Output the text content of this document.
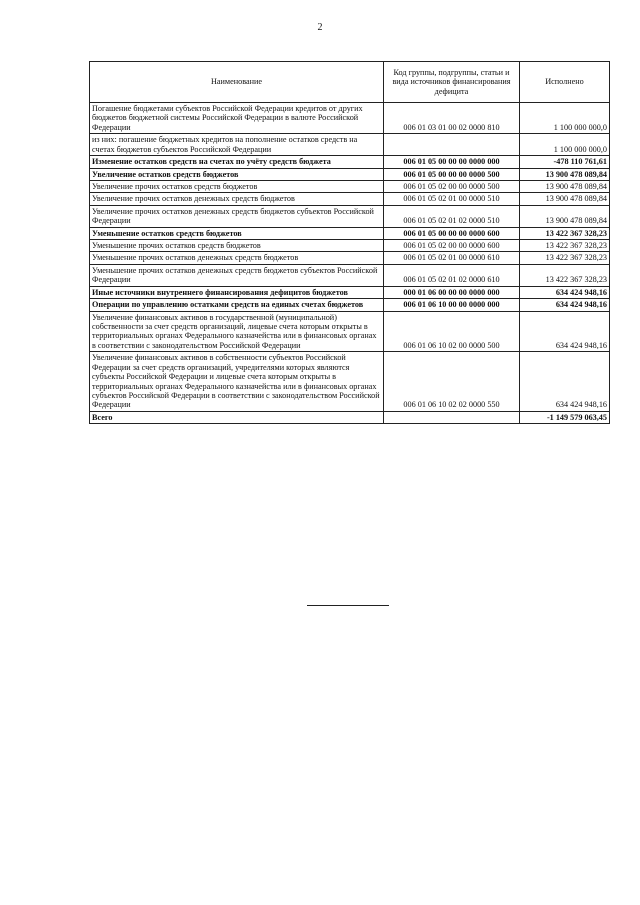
2
Наименование	Код группы, подгруппы, статьи и вида источников финансирования дефицита	Исполнено
Погашение бюджетами субъектов Российской Федерации кредитов от других бюджетов бюджетной системы Российской Федерации в валюте Российской Федерации	006 01 03 01 00 02 0000 810	1 100 000 000,0
из них: погашение бюджетных кредитов на пополнение остатков средств на счетах бюджетов субъектов Российской Федерации		1 100 000 000,0
Изменение остатков средств на счетах по учёту средств бюджета	006 01 05 00 00 00 0000 000	-478 110 761,61
Увеличение остатков средств бюджетов	006 01 05 00 00 00 0000 500	13 900 478 089,84
Увеличение прочих остатков средств бюджетов	006 01 05 02 00 00 0000 500	13 900 478 089,84
Увеличение прочих остатков денежных средств бюджетов	006 01 05 02 01 00 0000 510	13 900 478 089,84
Увеличение прочих остатков денежных средств бюджетов субъектов Российской Федерации	006 01 05 02 01 02 0000 510	13 900 478 089,84
Уменьшение остатков средств бюджетов	006 01 05 00 00 00 0000 600	13 422 367 328,23
Уменьшение прочих остатков средств бюджетов	006 01 05 02 00 00 0000 600	13 422 367 328,23
Уменьшение прочих остатков денежных средств бюджетов	006 01 05 02 01 00 0000 610	13 422 367 328,23
Уменьшение прочих остатков денежных средств бюджетов субъектов Российской Федерации	006 01 05 02 01 02 0000 610	13 422 367 328,23
Иные источники внутреннего финансирования дефицитов бюджетов	000 01 06 00 00 00 0000 000	634 424 948,16
Операции по управлению остатками средств на единых счетах бюджетов	006 01 06 10 00 00 0000 000	634 424 948,16
Увеличение финансовых активов в государственной (муниципальной) собственности за счет средств организаций, лицевые счета которым открыты в территориальных органах Федерального казначейства или в финансовых органах в соответствии с законодательством Российской Федерации	006 01 06 10 02 00 0000 500	634 424 948,16
Увеличение финансовых активов в собственности субъектов Российской Федерации за счет средств организаций, учредителями которых являются субъекты Российской Федерации и лицевые счета которым открыты в территориальных органах Федерального казначейства или в финансовых органах субъектов Российской Федерации в соответствии с законодательством Российской Федерации	006 01 06 10 02 02 0000 550	634 424 948,16
Всего		-1 149 579 063,45
